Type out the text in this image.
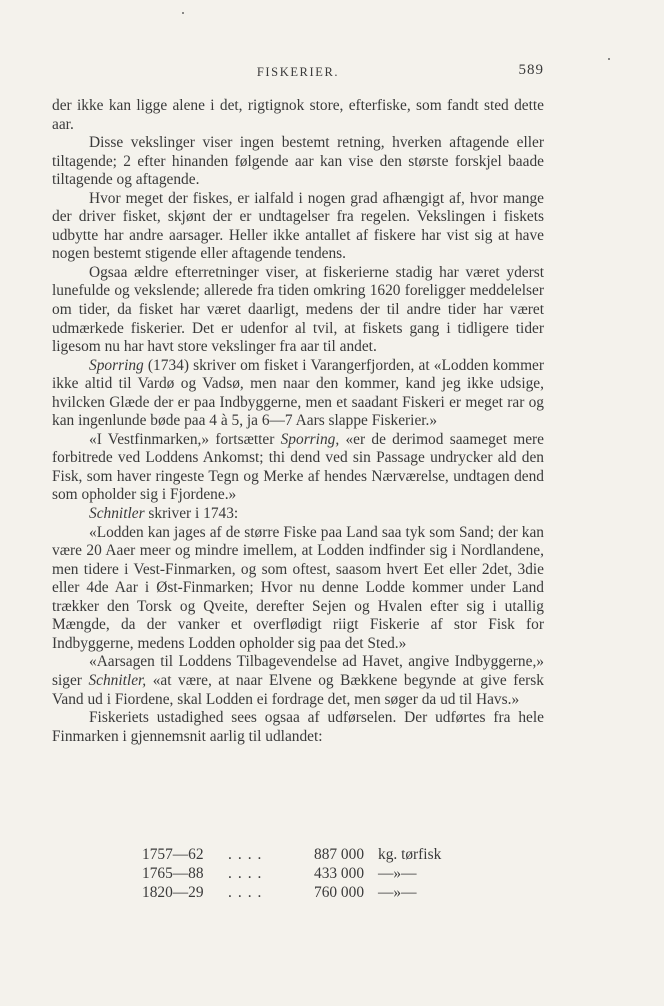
FISKERIER.	589

der ikke kan ligge alene i det, rigtignok store, efterfiske, som fandt sted dette aar.

Disse vekslinger viser ingen bestemt retning, hverken aftagende eller tiltagende; 2 efter hinanden følgende aar kan vise den største forskjel baade tiltagende og aftagende.

Hvor meget der fiskes, er ialfald i nogen grad afhængigt af, hvor mange der driver fisket, skjønt der er undtagelser fra regelen. Vekslingen i fiskets udbytte har andre aarsager. Heller ikke antallet af fiskere har vist sig at have nogen bestemt stigende eller aftagende tendens.

Ogsaa ældre efterretninger viser, at fiskerierne stadig har været yderst lunefulde og vekslende; allerede fra tiden omkring 1620 foreligger meddelelser om tider, da fisket har været daarligt, medens der til andre tider har været udmærkede fiskerier. Det er udenfor al tvil, at fiskets gang i tidligere tider ligesom nu har havt store vekslinger fra aar til andet.

Sporring (1734) skriver om fisket i Varangerfjorden, at «Lodden kommer ikke altid til Vardø og Vadsø, men naar den kommer, kand jeg ikke udsige, hvilcken Glæde der er paa Indbyggerne, men et saadant Fiskeri er meget rar og kan ingenlunde bøde paa 4 à 5, ja 6—7 Aars slappe Fiskerier.»

«I Vestfinmarken,» fortsætter Sporring, «er de derimod saameget mere forbitrede ved Loddens Ankomst; thi dend ved sin Passage undrycker ald den Fisk, som haver ringeste Tegn og Merke af hendes Nærværelse, undtagen dend som opholder sig i Fjordene.»

Schnitler skriver i 1743:

«Lodden kan jages af de større Fiske paa Land saa tyk som Sand; der kan være 20 Aaer meer og mindre imellem, at Lodden indfinder sig i Nordlandene, men tidere i Vest-Finmarken, og som oftest, saasom hvert Eet eller 2det, 3die eller 4de Aar i Øst-Finmarken; Hvor nu denne Lodde kommer under Land trækker den Torsk og Qveite, derefter Sejen og Hvalen efter sig i utallig Mængde, da der vanker et overflødigt riigt Fiskerie af stor Fisk for Indbyggerne, medens Lodden opholder sig paa det Sted.»

«Aarsagen til Loddens Tilbagevendelse ad Havet, angive Indbyggerne,» siger Schnitler, «at være, at naar Elvene og Bækkene begynde at give fersk Vand ud i Fiordene, skal Lodden ei fordrage det, men søger da ud til Havs.»

Fiskeriets ustadighed sees ogsaa af udførselen. Der udførtes fra hele Finmarken i gjennemsnit aarlig til udlandet:

1757—62	....	887 000 kg. tørfisk
1765—88	....	433 000 —»—
1820—29	....	760 000 —»—
